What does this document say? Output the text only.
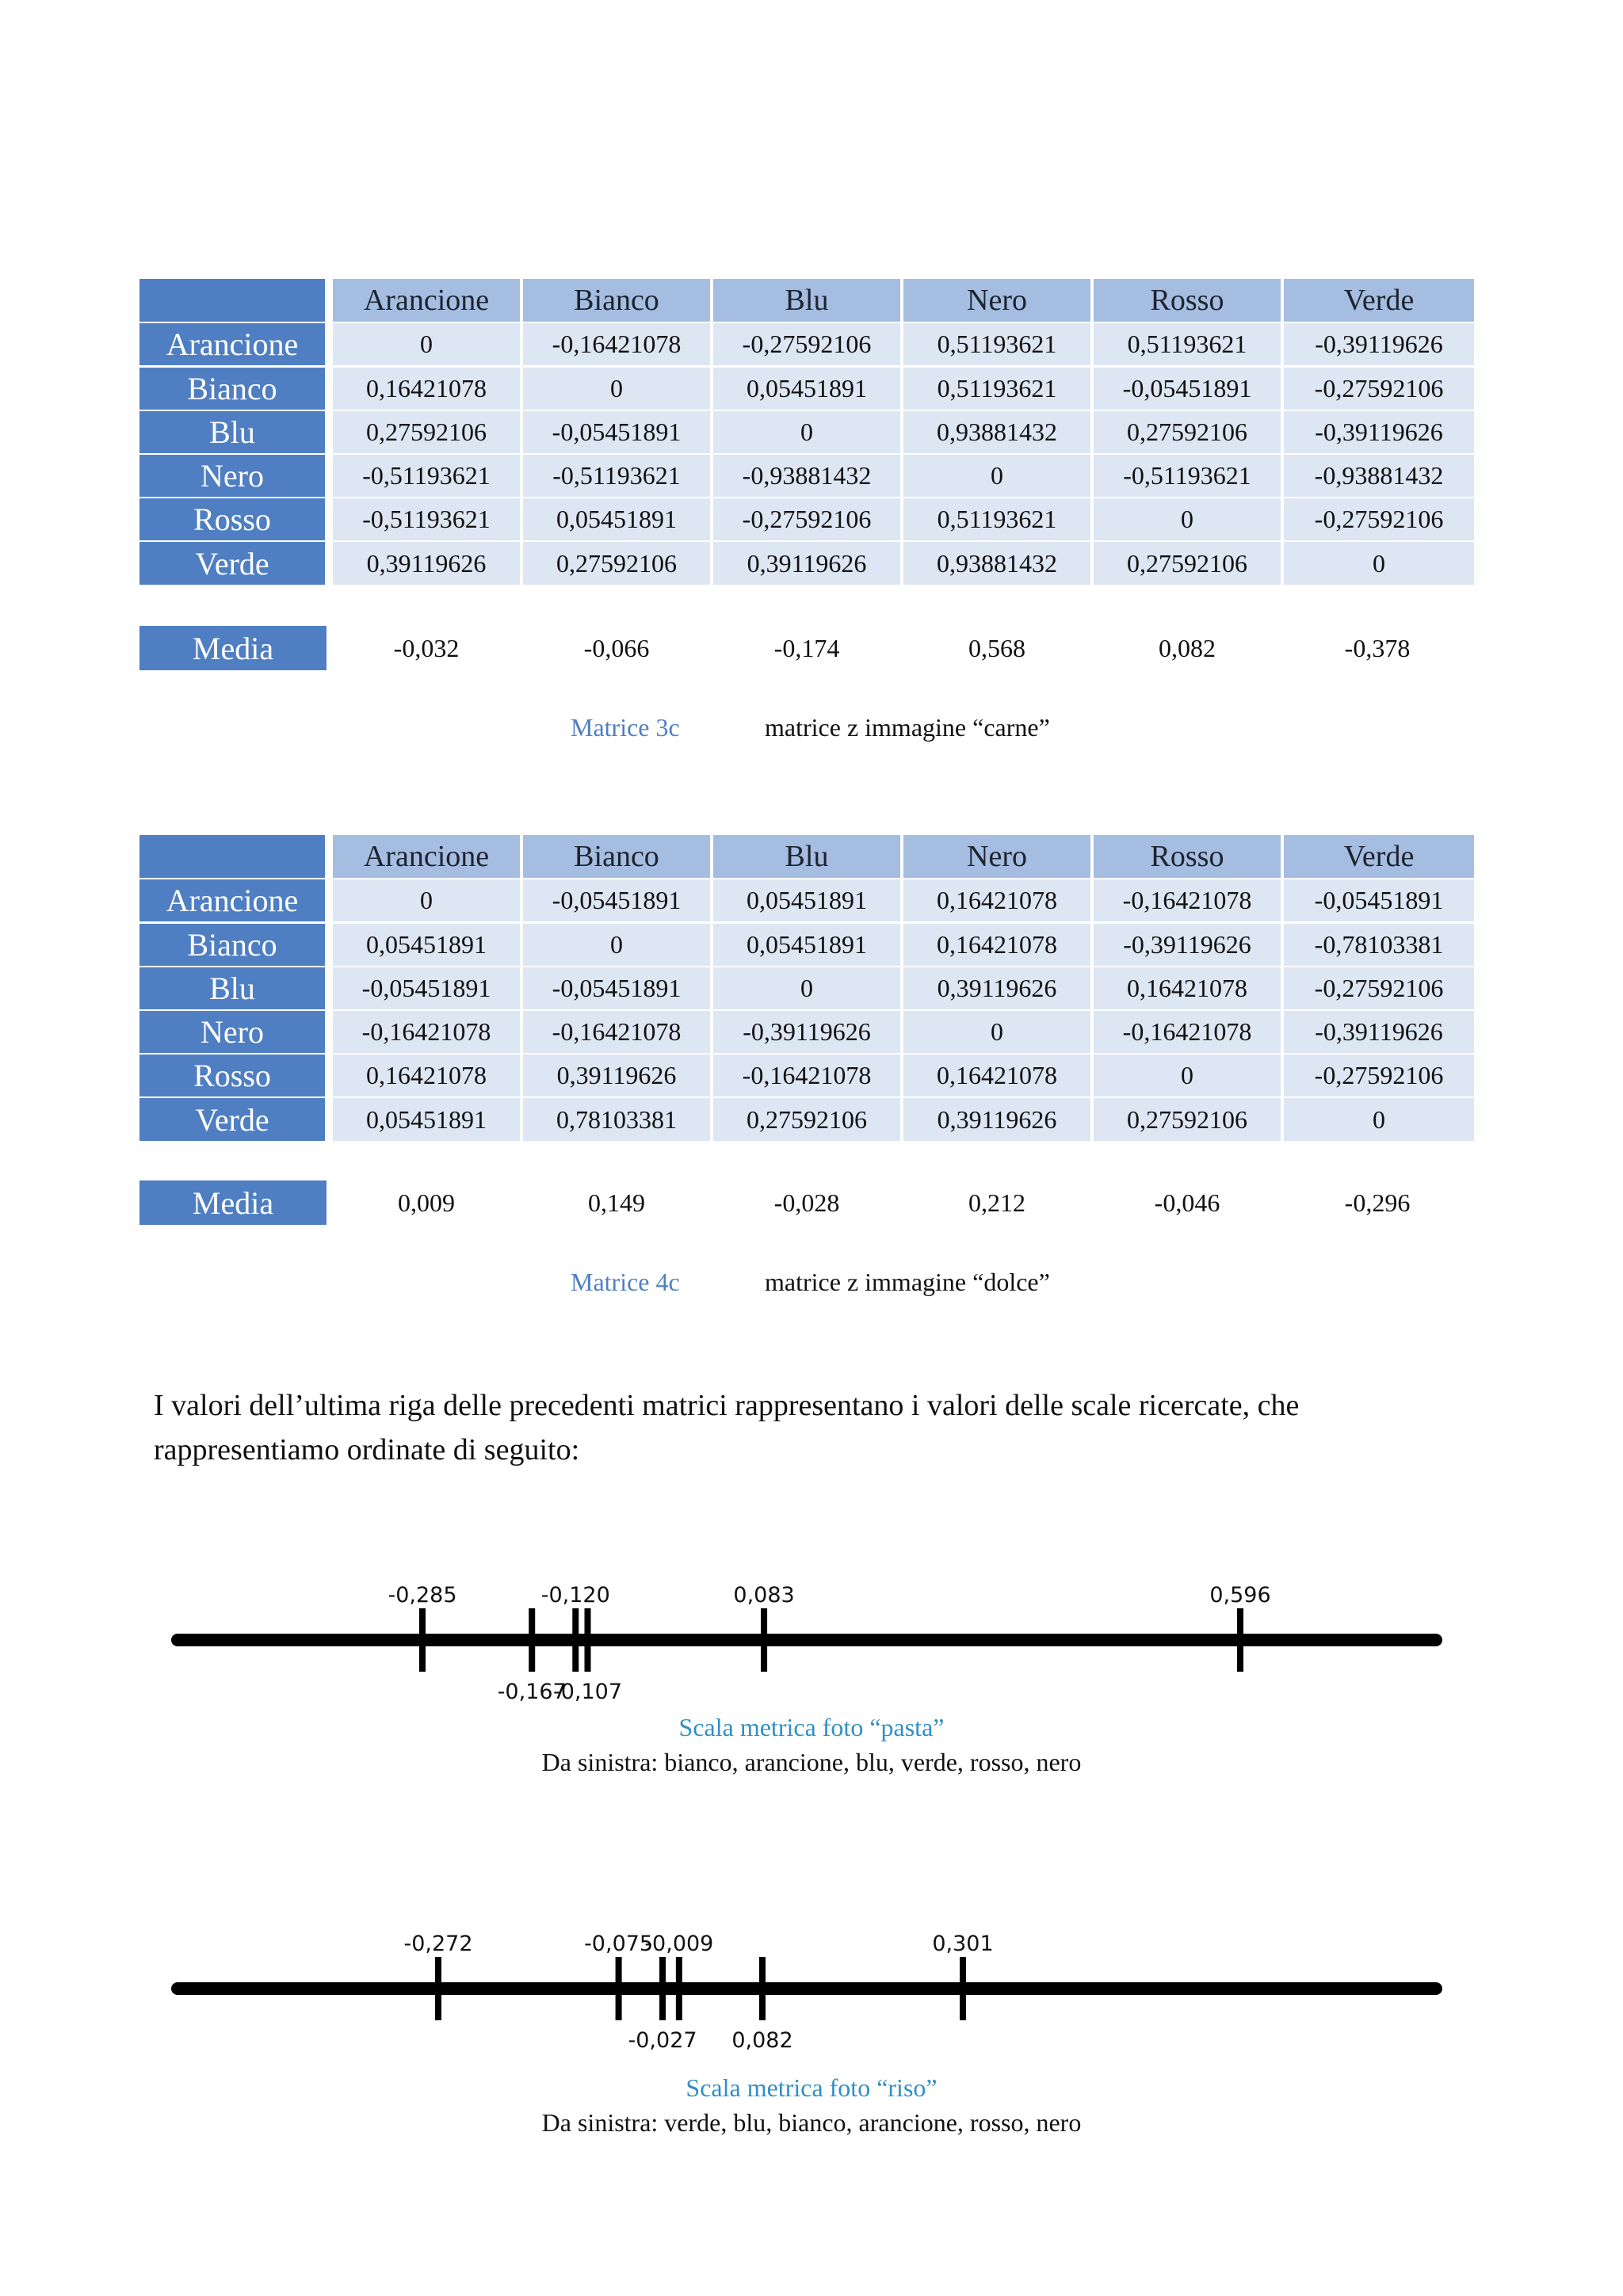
Arancione	Bianco	Blu	Nero	Rosso	Verde
Arancione	0	-0,16421078	-0,27592106	0,51193621	0,51193621	-0,39119626
Bianco	0,16421078	0	0,05451891	0,51193621	-0,05451891	-0,27592106
Blu	0,27592106	-0,05451891	0	0,93881432	0,27592106	-0,39119626
Nero	-0,51193621	-0,51193621	-0,93881432	0	-0,51193621	-0,93881432
Rosso	-0,51193621	0,05451891	-0,27592106	0,51193621	0	-0,27592106
Verde	0,39119626	0,27592106	0,39119626	0,93881432	0,27592106	0
Media	-0,032	-0,066	-0,174	0,568	0,082	-0,378
Matrice 3c	matrice z immagine “carne”
Arancione	Bianco	Blu	Nero	Rosso	Verde
Arancione	0	-0,05451891	0,05451891	0,16421078	-0,16421078	-0,05451891
Bianco	0,05451891	0	0,05451891	0,16421078	-0,39119626	-0,78103381
Blu	-0,05451891	-0,05451891	0	0,39119626	0,16421078	-0,27592106
Nero	-0,16421078	-0,16421078	-0,39119626	0	-0,16421078	-0,39119626
Rosso	0,16421078	0,39119626	-0,16421078	0,16421078	0	-0,27592106
Verde	0,05451891	0,78103381	0,27592106	0,39119626	0,27592106	0
Media	0,009	0,149	-0,028	0,212	-0,046	-0,296
Matrice 4c	matrice z immagine “dolce”
I valori dell’ultima riga delle precedenti matrici rappresentano i valori delle scale ricercate, che rappresentiamo ordinate di seguito:
-0,285
-0,167
-0,120
-0,107
0,083	0,596
Scala metrica foto “pasta”
Da sinistra: bianco, arancione, blu, verde, rosso, nero
-0,272	-0,075
-0,027
-0,009
0,082
0,301
Scala metrica foto “riso”
Da sinistra: verde, blu, bianco, arancione, rosso, nero
